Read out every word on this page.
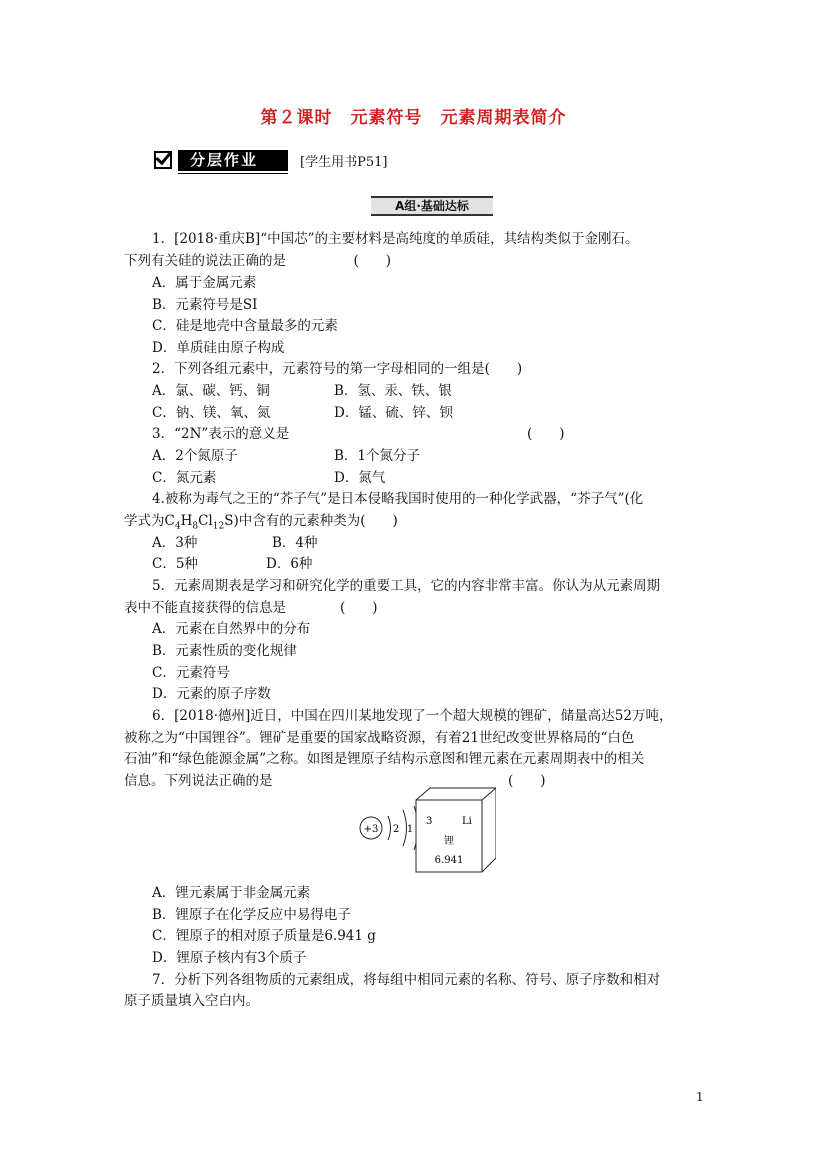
第２课时　元素符号　元素周期表简介
分层作业	[学生用书P51]
A组·基础达标
1．[2018·重庆B]“中国芯”的主要材料是高纯度的单质硅，其结构类似于金刚石。
下列有关硅的说法正确的是　　　　　(　　)
A．属于金属元素
B．元素符号是SI
C．硅是地壳中含量最多的元素
D．单质硅由原子构成
2．下列各组元素中，元素符号的第一字母相同的一组是(　　)
A．氯、碳、钙、铜	B．氢、汞、铁、银
C．钠、镁、氧、氮	D．锰、硫、锌、钡
3．“2N”表示的意义是	(　　)
A．2个氮原子	B．1个氮分子
C．氮元素	D．氮气
4.被称为毒气之王的“芥子气”是日本侵略我国时使用的一种化学武器，“芥子气”(化
学式为$C_4H_8Cl_{12}S$)中含有的元素种类为(　　)
A．3种	B．4种
C．5种	D．6种
5．元素周期表是学习和研究化学的重要工具，它的内容非常丰富。你认为从元素周期
表中不能直接获得的信息是　　　　(　　)
A．元素在自然界中的分布
B．元素性质的变化规律
C．元素符号
D．元素的原子序数
6．[2018·德州]近日，中国在四川某地发现了一个超大规模的锂矿，储量高达52万吨，
被称之为“中国锂谷”。锂矿是重要的国家战略资源，有着21世纪改变世界格局的“白色
石油”和“绿色能源金属”之称。如图是锂原子结构示意图和锂元素在元素周期表中的相关
信息。下列说法正确的是	(　　)
+3 2 1
3	Li
锂
6.941
A．锂元素属于非金属元素
B．锂原子在化学反应中易得电子
C．锂原子的相对原子质量是6.941 g
D．锂原子核内有3个质子
7．分析下列各组物质的元素组成，将每组中相同元素的名称、符号、原子序数和相对
原子质量填入空白内。
1
